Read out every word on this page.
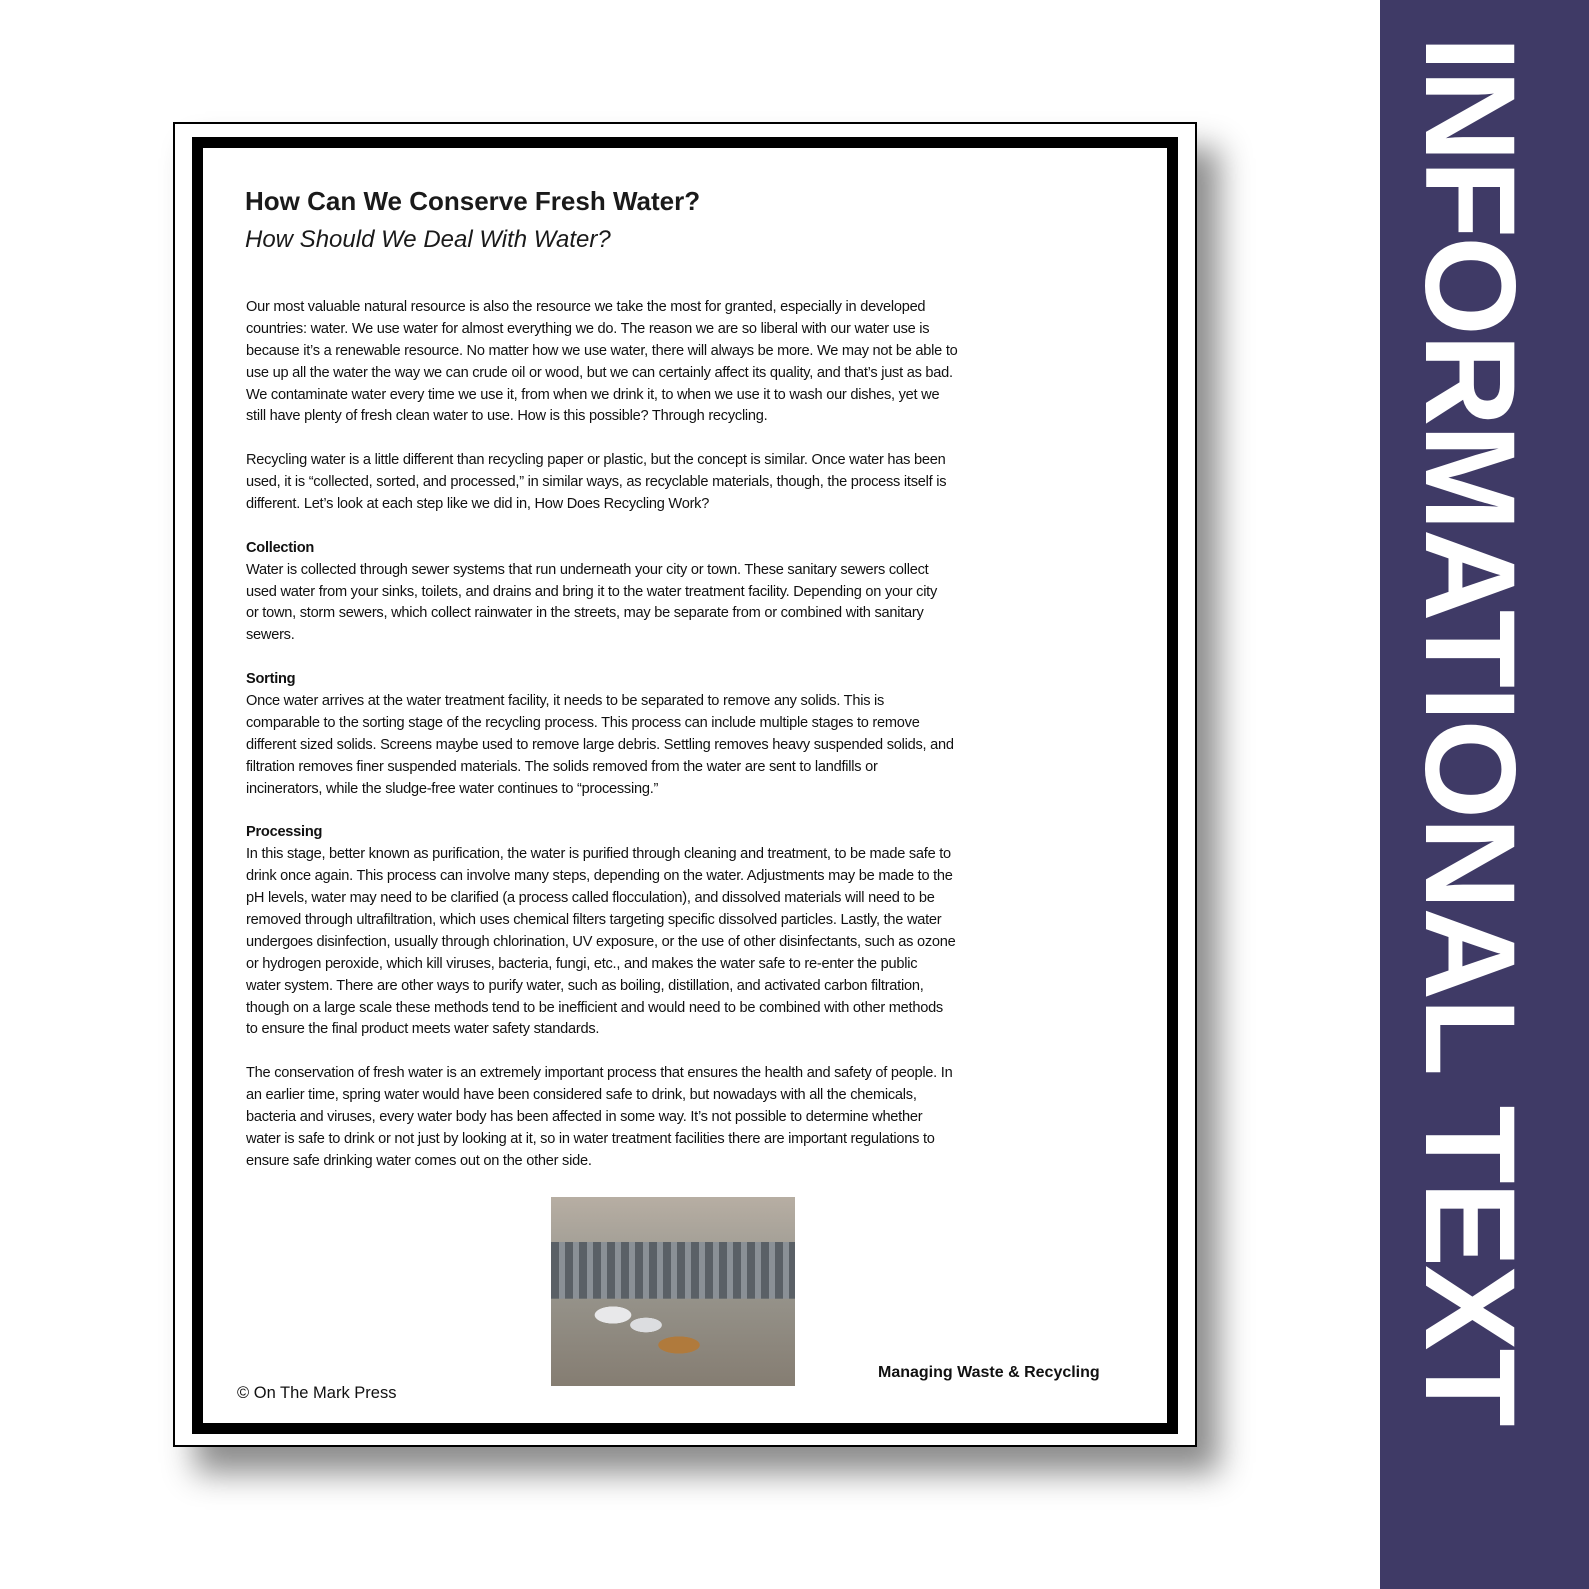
How Can We Conserve Fresh Water?
How Should We Deal With Water?
Our most valuable natural resource is also the resource we take the most for granted, especially in developed
countries: water. We use water for almost everything we do. The reason we are so liberal with our water use is
because it’s a renewable resource. No matter how we use water, there will always be more. We may not be able to
use up all the water the way we can crude oil or wood, but we can certainly affect its quality, and that’s just as bad.
We contaminate water every time we use it, from when we drink it, to when we use it to wash our dishes, yet we
still have plenty of fresh clean water to use. How is this possible? Through recycling.
Recycling water is a little different than recycling paper or plastic, but the concept is similar. Once water has been
used, it is “collected, sorted, and processed,” in similar ways, as recyclable materials, though, the process itself is
different. Let’s look at each step like we did in, How Does Recycling Work?
Collection
Water is collected through sewer systems that run underneath your city or town. These sanitary sewers collect
used water from your sinks, toilets, and drains and bring it to the water treatment facility. Depending on your city
or town, storm sewers, which collect rainwater in the streets, may be separate from or combined with sanitary
sewers.
Sorting
Once water arrives at the water treatment facility, it needs to be separated to remove any solids. This is
comparable to the sorting stage of the recycling process. This process can include multiple stages to remove
different sized solids. Screens maybe used to remove large debris. Settling removes heavy suspended solids, and
filtration removes finer suspended materials. The solids removed from the water are sent to landfills or
incinerators, while the sludge-free water continues to “processing.”
Processing
In this stage, better known as purification, the water is purified through cleaning and treatment, to be made safe to
drink once again. This process can involve many steps, depending on the water. Adjustments may be made to the
pH levels, water may need to be clarified (a process called flocculation), and dissolved materials will need to be
removed through ultrafiltration, which uses chemical filters targeting specific dissolved particles. Lastly, the water
undergoes disinfection, usually through chlorination, UV exposure, or the use of other disinfectants, such as ozone
or hydrogen peroxide, which kill viruses, bacteria, fungi, etc., and makes the water safe to re-enter the public
water system. There are other ways to purify water, such as boiling, distillation, and activated carbon filtration,
though on a large scale these methods tend to be inefficient and would need to be combined with other methods
to ensure the final product meets water safety standards.
The conservation of fresh water is an extremely important process that ensures the health and safety of people. In
an earlier time, spring water would have been considered safe to drink, but nowadays with all the chemicals,
bacteria and viruses, every water body has been affected in some way. It’s not possible to determine whether
water is safe to drink or not just by looking at it, so in water treatment facilities there are important regulations to
ensure safe drinking water comes out on the other side.
Managing Waste & Recycling
© On The Mark Press	INFORMATIONAL TEXT
